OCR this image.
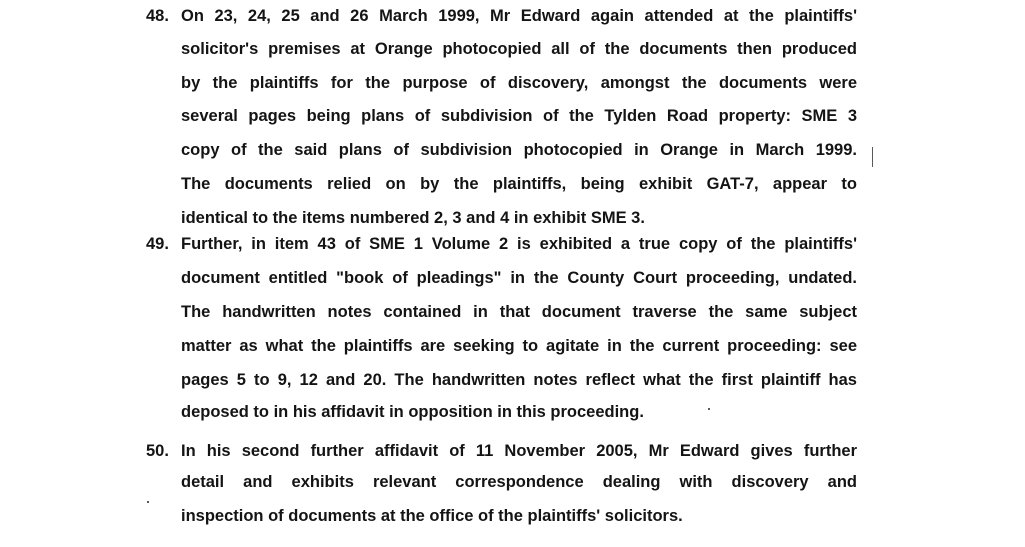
48. On 23, 24, 25 and 26 March 1999, Mr Edward again attended at the plaintiffs'
solicitor's premises at Orange photocopied all of the documents then produced
by the plaintiffs for the purpose of discovery, amongst the documents were
several pages being plans of subdivision of the Tylden Road property: SME 3
copy of the said plans of subdivision photocopied in Orange in March 1999.
The documents relied on by the plaintiffs, being exhibit GAT-7, appear to
identical to the items numbered 2, 3 and 4 in exhibit SME 3.
49. Further, in item 43 of SME 1 Volume 2 is exhibited a true copy of the plaintiffs'
document entitled "book of pleadings" in the County Court proceeding, undated.
The handwritten notes contained in that document traverse the same subject
matter as what the plaintiffs are seeking to agitate in the current proceeding: see
pages 5 to 9, 12 and 20. The handwritten notes reflect what the first plaintiff has
deposed to in his affidavit in opposition in this proceeding.
50. In his second further affidavit of 11 November 2005, Mr Edward gives further
detail and exhibits relevant correspondence dealing with discovery and
inspection of documents at the office of the plaintiffs' solicitors.
